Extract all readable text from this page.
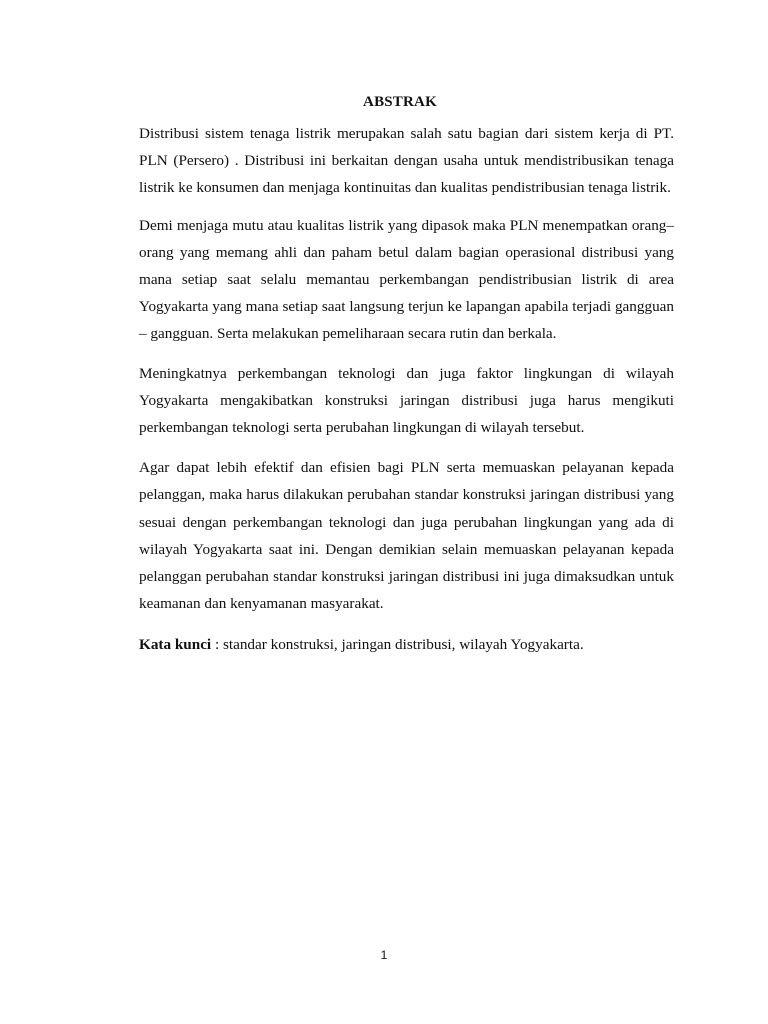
ABSTRAK

Distribusi sistem tenaga listrik merupakan salah satu bagian dari sistem kerja di PT. PLN (Persero) . Distribusi ini berkaitan dengan usaha untuk mendistribusikan tenaga listrik ke konsumen dan menjaga kontinuitas dan kualitas pendistribusian tenaga listrik.

Demi menjaga mutu atau kualitas listrik yang dipasok maka PLN menempatkan orang–orang yang memang ahli dan paham betul dalam bagian operasional distribusi yang mana setiap saat selalu memantau perkembangan pendistribusian listrik di area Yogyakarta yang mana setiap saat langsung terjun ke lapangan apabila terjadi gangguan – gangguan. Serta melakukan pemeliharaan secara rutin dan berkala.

Meningkatnya perkembangan teknologi dan juga faktor lingkungan di wilayah Yogyakarta mengakibatkan konstruksi jaringan distribusi juga harus mengikuti perkembangan teknologi serta perubahan lingkungan di wilayah tersebut.

Agar dapat lebih efektif dan efisien bagi PLN serta memuaskan pelayanan kepada pelanggan, maka harus dilakukan perubahan standar konstruksi jaringan distribusi yang sesuai dengan perkembangan teknologi dan juga perubahan lingkungan yang ada di wilayah Yogyakarta saat ini. Dengan demikian selain memuaskan pelayanan kepada pelanggan perubahan standar konstruksi jaringan distribusi ini juga dimaksudkan untuk keamanan dan kenyamanan masyarakat.

Kata kunci : standar konstruksi, jaringan distribusi, wilayah Yogyakarta.

1
